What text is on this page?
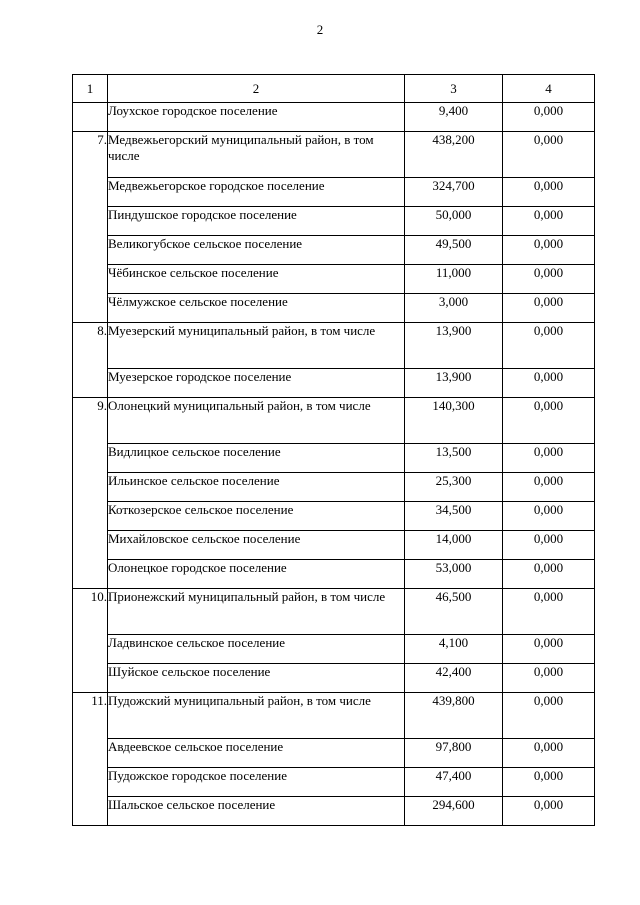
2
1	2	3	4
	Лоухское городское поселение	9,400	0,000
7.	Медвежьегорский муниципальный район, в том числе	438,200	0,000
	Медвежьегорское городское поселение	324,700	0,000
	Пиндушское городское поселение	50,000	0,000
	Великогубское сельское поселение	49,500	0,000
	Чёбинское сельское поселение	11,000	0,000
	Чёлмужское сельское поселение	3,000	0,000
8.	Муезерский муниципальный район, в том числе	13,900	0,000
	Муезерское городское поселение	13,900	0,000
9.	Олонецкий муниципальный район, в том числе	140,300	0,000
	Видлицкое сельское поселение	13,500	0,000
	Ильинское сельское поселение	25,300	0,000
	Коткозерское сельское поселение	34,500	0,000
	Михайловское сельское поселение	14,000	0,000
	Олонецкое городское поселение	53,000	0,000
10.	Прионежский муниципальный район, в том числе	46,500	0,000
	Ладвинское сельское поселение	4,100	0,000
	Шуйское сельское поселение	42,400	0,000
11.	Пудожский муниципальный район, в том числе	439,800	0,000
	Авдеевское сельское поселение	97,800	0,000
	Пудожское городское поселение	47,400	0,000
	Шальское сельское поселение	294,600	0,000
